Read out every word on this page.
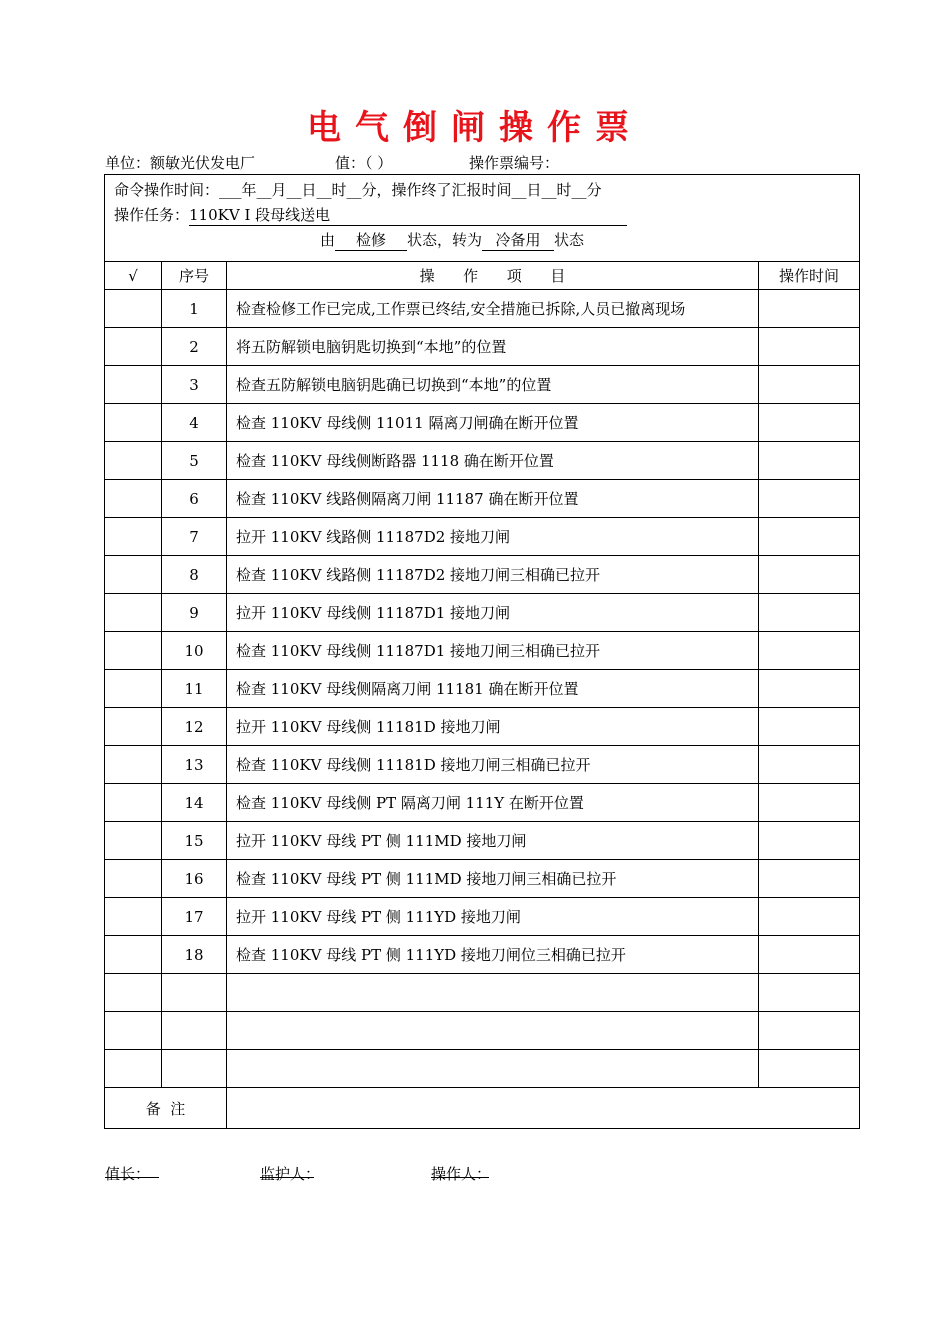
电气倒闸操作票
单位：额敏光伏发电厂	值：（ ）	操作票编号：
命令操作时间：___年__月__日__时__分，操作终了汇报时间__日__时__分
操作任务：110KV I 段母线送电
由 检修 状态，转为 冷备用 状态			

√	序号	操      作      项      目	操作时间
	1	检查检修工作已完成,工作票已终结,安全措施已拆除,人员已撤离现场	
	2	将五防解锁电脑钥匙切换到“本地”的位置	
	3	检查五防解锁电脑钥匙确已切换到“本地”的位置	
	4	检查 110KV 母线侧 11011 隔离刀闸确在断开位置	
	5	检查 110KV 母线侧断路器 1118 确在断开位置	
	6	检查 110KV 线路侧隔离刀闸 11187 确在断开位置	
	7	拉开 110KV 线路侧 11187D2 接地刀闸	
	8	检查 110KV 线路侧 11187D2 接地刀闸三相确已拉开	
	9	拉开 110KV 母线侧 11187D1 接地刀闸	
	10	检查 110KV 母线侧 11187D1 接地刀闸三相确已拉开	
	11	检查 110KV 母线侧隔离刀闸 11181 确在断开位置	
	12	拉开 110KV 母线侧 11181D 接地刀闸	
	13	检查 110KV 母线侧 11181D 接地刀闸三相确已拉开	
	14	检查 110KV 母线侧 PT 隔离刀闸 111Y 在断开位置	
	15	拉开 110KV 母线 PT 侧 111MD 接地刀闸	
	16	检查 110KV 母线 PT 侧 111MD 接地刀闸三相确已拉开	
	17	拉开 110KV 母线 PT 侧 111YD 接地刀闸	
	18	检查 110KV 母线 PT 侧 111YD 接地刀闸位三相确已拉开	

备  注			
值长：	监护人：	操作人：
